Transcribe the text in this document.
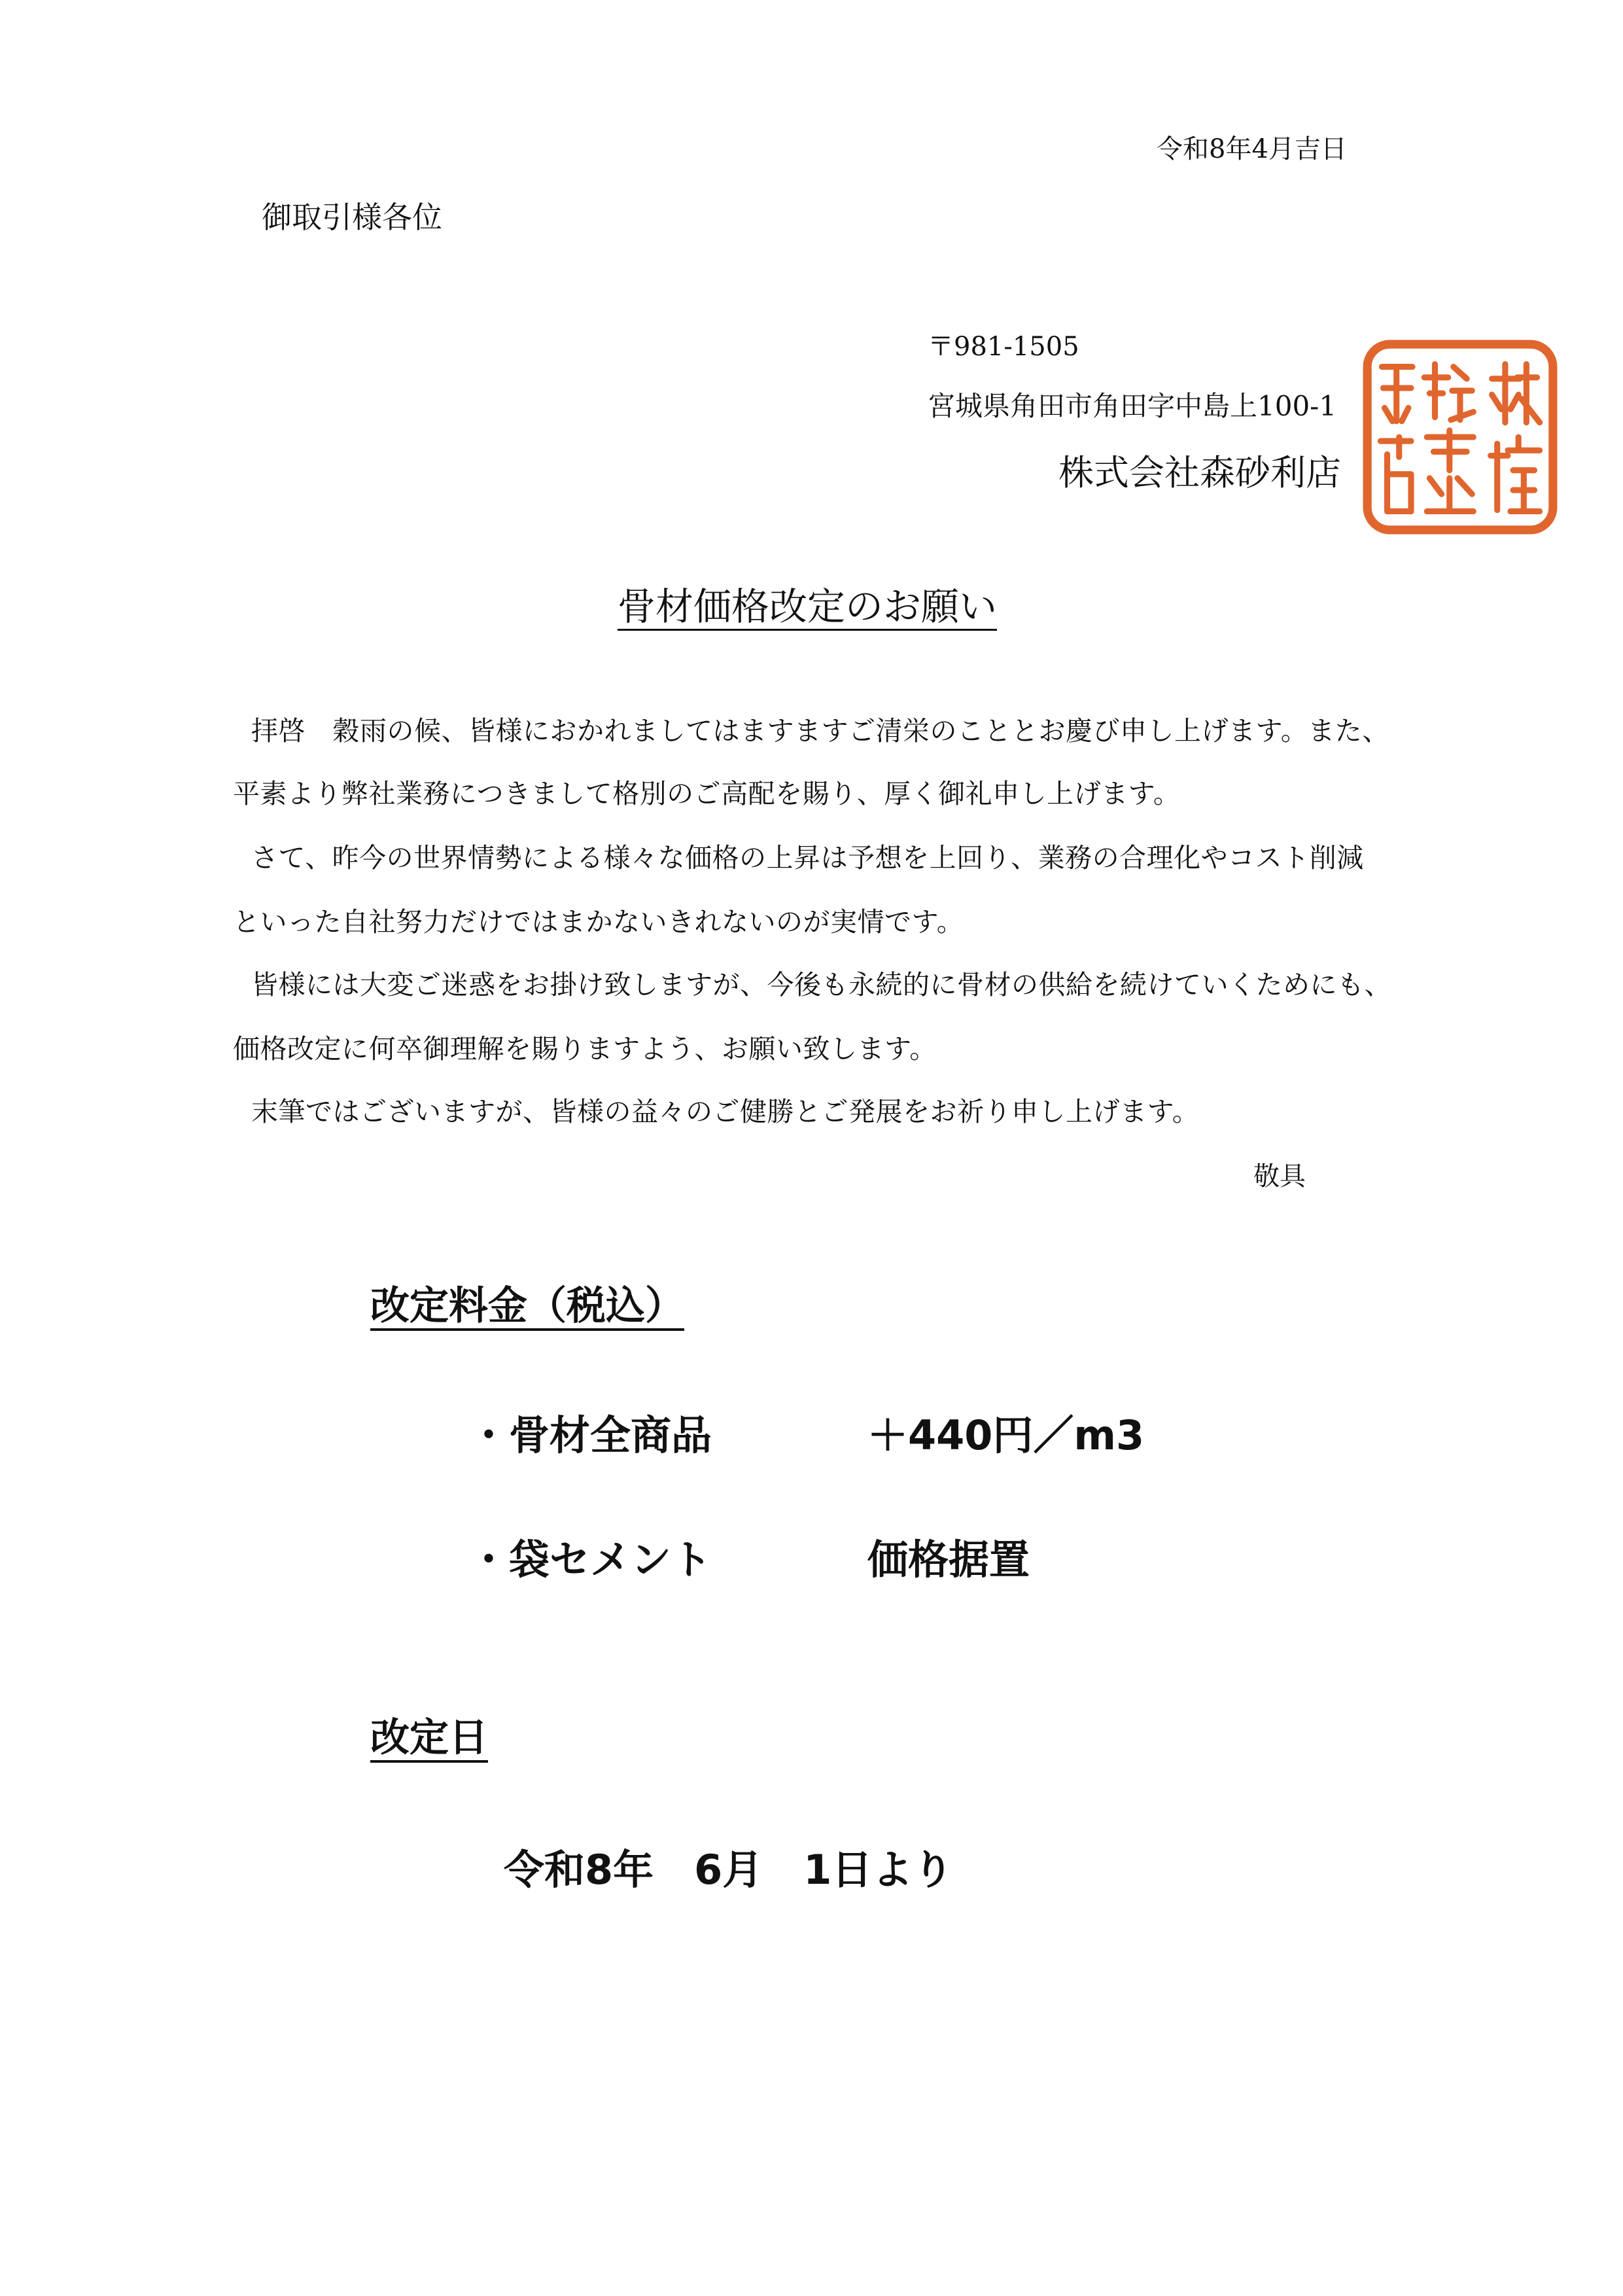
令和8年4月吉日
御取引様各位
〒981-1505
宮城県角田市角田字中島上100-1
株式会社森砂利店
骨材価格改定のお願い
拝啓　穀雨の候、皆様におかれましてはますますご清栄のこととお慶び申し上げます。また、
平素より弊社業務につきまして格別のご高配を賜り、厚く御礼申し上げます。
さて、昨今の世界情勢による様々な価格の上昇は予想を上回り、業務の合理化やコスト削減
といった自社努力だけではまかないきれないのが実情です。
皆様には大変ご迷惑をお掛け致しますが、今後も永続的に骨材の供給を続けていくためにも、
価格改定に何卒御理解を賜りますよう、お願い致します。
末筆ではございますが、皆様の益々のご健勝とご発展をお祈り申し上げます。
敬具
改定料金（税込）
・骨材全商品	＋440円／m3
・袋セメント	価格据置
改定日
令和8年　6月　1日より
